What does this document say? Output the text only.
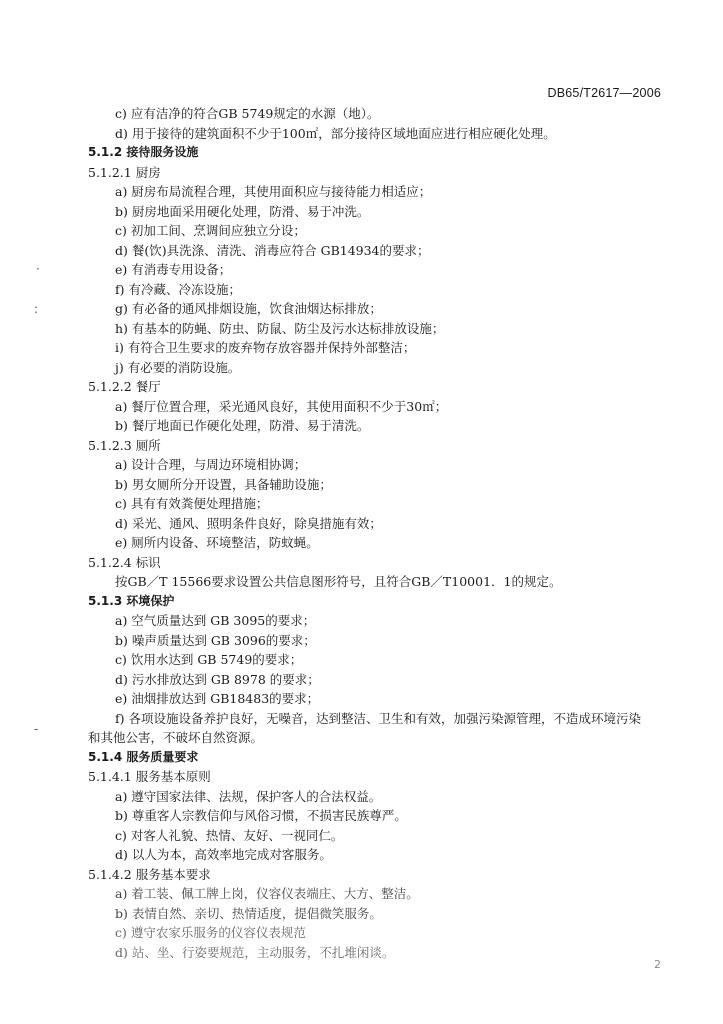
DB65/T2617—2006
c) 应有洁净的符合GB 5749规定的水源（地）。
d) 用于接待的建筑面积不少于100㎡，部分接待区域地面应进行相应硬化处理。
5.1.2 接待服务设施
5.1.2.1 厨房
a) 厨房布局流程合理，其使用面积应与接待能力相适应；
b) 厨房地面采用硬化处理，防滑、易于冲洗。
c) 初加工间、烹调间应独立分设；
d) 餐(饮)具洗涤、清洗、消毒应符合 GB14934的要求；
e) 有消毒专用设备；
f) 有冷藏、冷冻设施；
g) 有必备的通风排烟设施，饮食油烟达标排放；
h) 有基本的防蝇、防虫、防鼠、防尘及污水达标排放设施；
i) 有符合卫生要求的废弃物存放容器并保持外部整洁；
j) 有必要的消防设施。
5.1.2.2 餐厅
a) 餐厅位置合理，采光通风良好，其使用面积不少于30㎡；
b) 餐厅地面已作硬化处理，防滑、易于清洗。
5.1.2.3 厕所
a) 设计合理，与周边环境相协调；
b) 男女厕所分开设置，具备辅助设施；
c) 具有有效粪便处理措施；
d) 采光、通风、照明条件良好，除臭措施有效；
e) 厕所内设备、环境整洁，防蚊蝇。
5.1.2.4 标识
按GB／T 15566要求设置公共信息图形符号，且符合GB／T10001．1的规定。
5.1.3 环境保护
a) 空气质量达到 GB 3095的要求；
b) 噪声质量达到 GB 3096的要求；
c) 饮用水达到 GB 5749的要求；
d) 污水排放达到 GB 8978 的要求；
e) 油烟排放达到 GB18483的要求；
f) 各项设施设备养护良好，无噪音，达到整洁、卫生和有效，加强污染源管理，不造成环境污染
和其他公害，不破坏自然资源。
5.1.4 服务质量要求
5.1.4.1 服务基本原则
a) 遵守国家法律、法规，保护客人的合法权益。
b) 尊重客人宗教信仰与风俗习惯，不损害民族尊严。
c) 对客人礼貌、热情、友好、一视同仁。
d) 以人为本，高效率地完成对客服务。
5.1.4.2 服务基本要求
a) 着工装、佩工牌上岗，仪容仪表端庄、大方、整洁。
b) 表情自然、亲切、热情适度，提倡微笑服务。
c) 遵守农家乐服务的仪容仪表规范
d) 站、坐、行姿要规范，主动服务，不扎堆闲谈。
·
:
-
2
